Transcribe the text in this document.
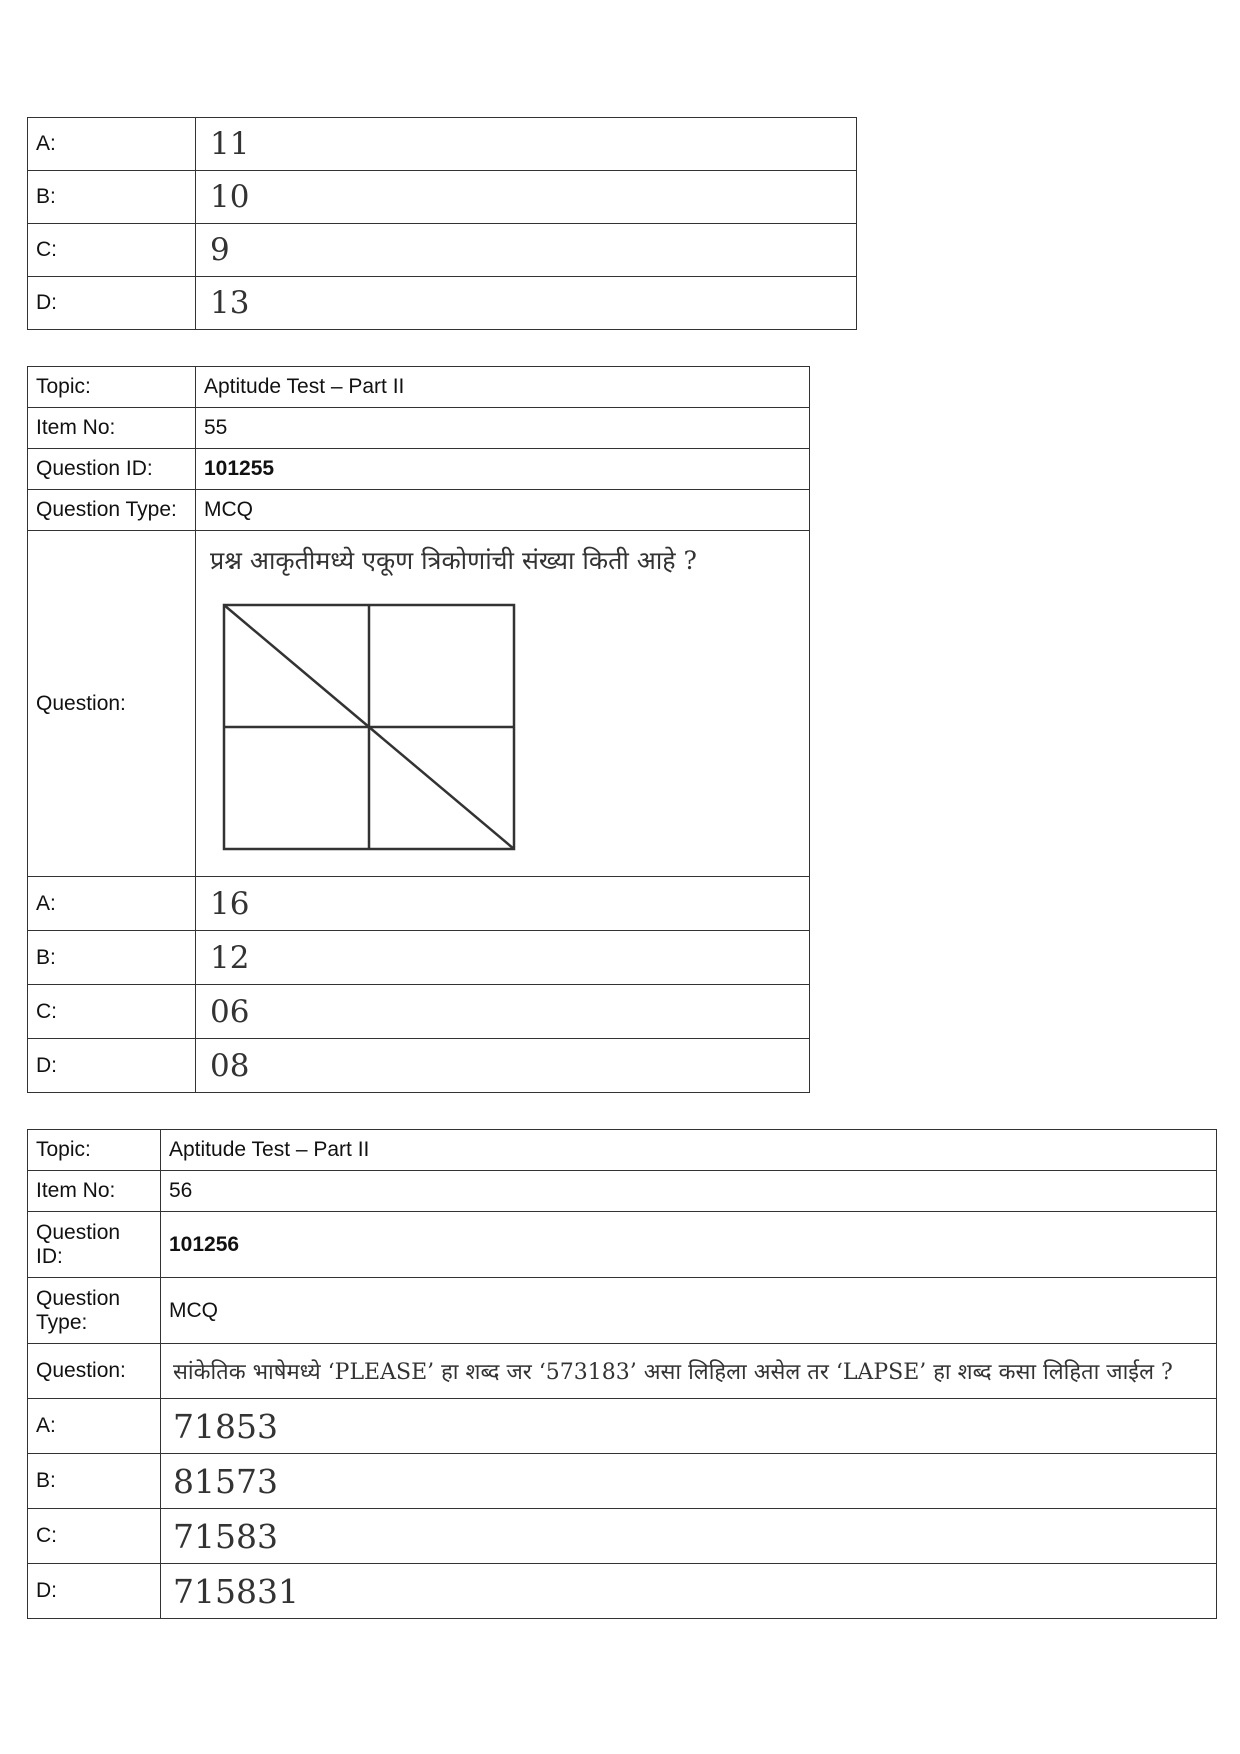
A:	11
B:	10
C:	9
D:	13
Topic:	Aptitude Test – Part II
Item No:	55
Question ID:	101255
Question Type:	MCQ
Question:	प्रश्न आकृतीमध्ये एकूण त्रिकोणांची संख्या किती आहे ?

A:	16
B:	12
C:	06
D:	08
Topic:	Aptitude Test – Part II
Item No:	56
Question ID:	101256
Question Type:	MCQ
Question:	सांकेतिक भाषेमध्ये ‘PLEASE’ हा शब्द जर ‘573183’ असा लिहिला असेल तर ‘LAPSE’ हा शब्द कसा लिहिता जाईल ?

A:	71853
B:	81573
C:	71583
D:	715831
